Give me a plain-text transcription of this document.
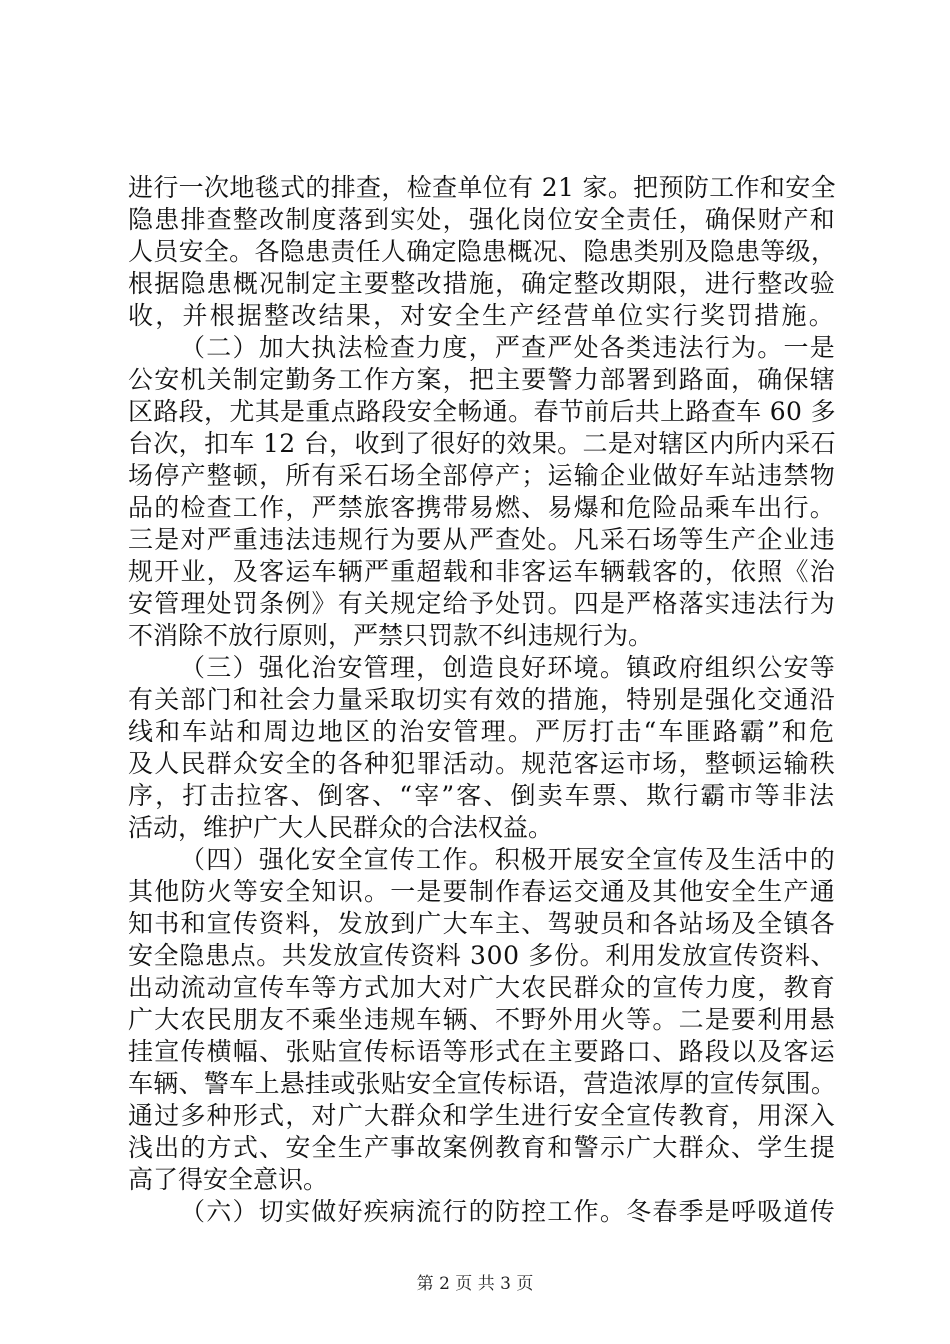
进行一次地毯式的排查，检查单位有 21 家。把预防工作和安全
隐患排查整改制度落到实处，强化岗位安全责任，确保财产和
人员安全。各隐患责任人确定隐患概况、隐患类别及隐患等级，
根据隐患概况制定主要整改措施，确定整改期限，进行整改验
收，并根据整改结果，对安全生产经营单位实行奖罚措施。
（二）加大执法检查力度，严查严处各类违法行为。一是
公安机关制定勤务工作方案，把主要警力部署到路面，确保辖
区路段，尤其是重点路段安全畅通。春节前后共上路查车 60 多
台次，扣车 12 台，收到了很好的效果。二是对辖区内所内采石
场停产整顿，所有采石场全部停产；运输企业做好车站违禁物
品的检查工作，严禁旅客携带易燃、易爆和危险品乘车出行。
三是对严重违法违规行为要从严查处。凡采石场等生产企业违
规开业，及客运车辆严重超载和非客运车辆载客的，依照《治
安管理处罚条例》有关规定给予处罚。四是严格落实违法行为
不消除不放行原则，严禁只罚款不纠违规行为。
（三）强化治安管理，创造良好环境。镇政府组织公安等
有关部门和社会力量采取切实有效的措施，特别是强化交通沿
线和车站和周边地区的治安管理。严厉打击“车匪路霸”和危
及人民群众安全的各种犯罪活动。规范客运市场，整顿运输秩
序，打击拉客、倒客、“宰”客、倒卖车票、欺行霸市等非法
活动，维护广大人民群众的合法权益。
（四）强化安全宣传工作。积极开展安全宣传及生活中的
其他防火等安全知识。一是要制作春运交通及其他安全生产通
知书和宣传资料，发放到广大车主、驾驶员和各站场及全镇各
安全隐患点。共发放宣传资料 300 多份。利用发放宣传资料、
出动流动宣传车等方式加大对广大农民群众的宣传力度，教育
广大农民朋友不乘坐违规车辆、不野外用火等。二是要利用悬
挂宣传横幅、张贴宣传标语等形式在主要路口、路段以及客运
车辆、警车上悬挂或张贴安全宣传标语，营造浓厚的宣传氛围。
通过多种形式，对广大群众和学生进行安全宣传教育，用深入
浅出的方式、安全生产事故案例教育和警示广大群众、学生提
高了得安全意识。
（六）切实做好疾病流行的防控工作。冬春季是呼吸道传
第 2 页 共 3 页
